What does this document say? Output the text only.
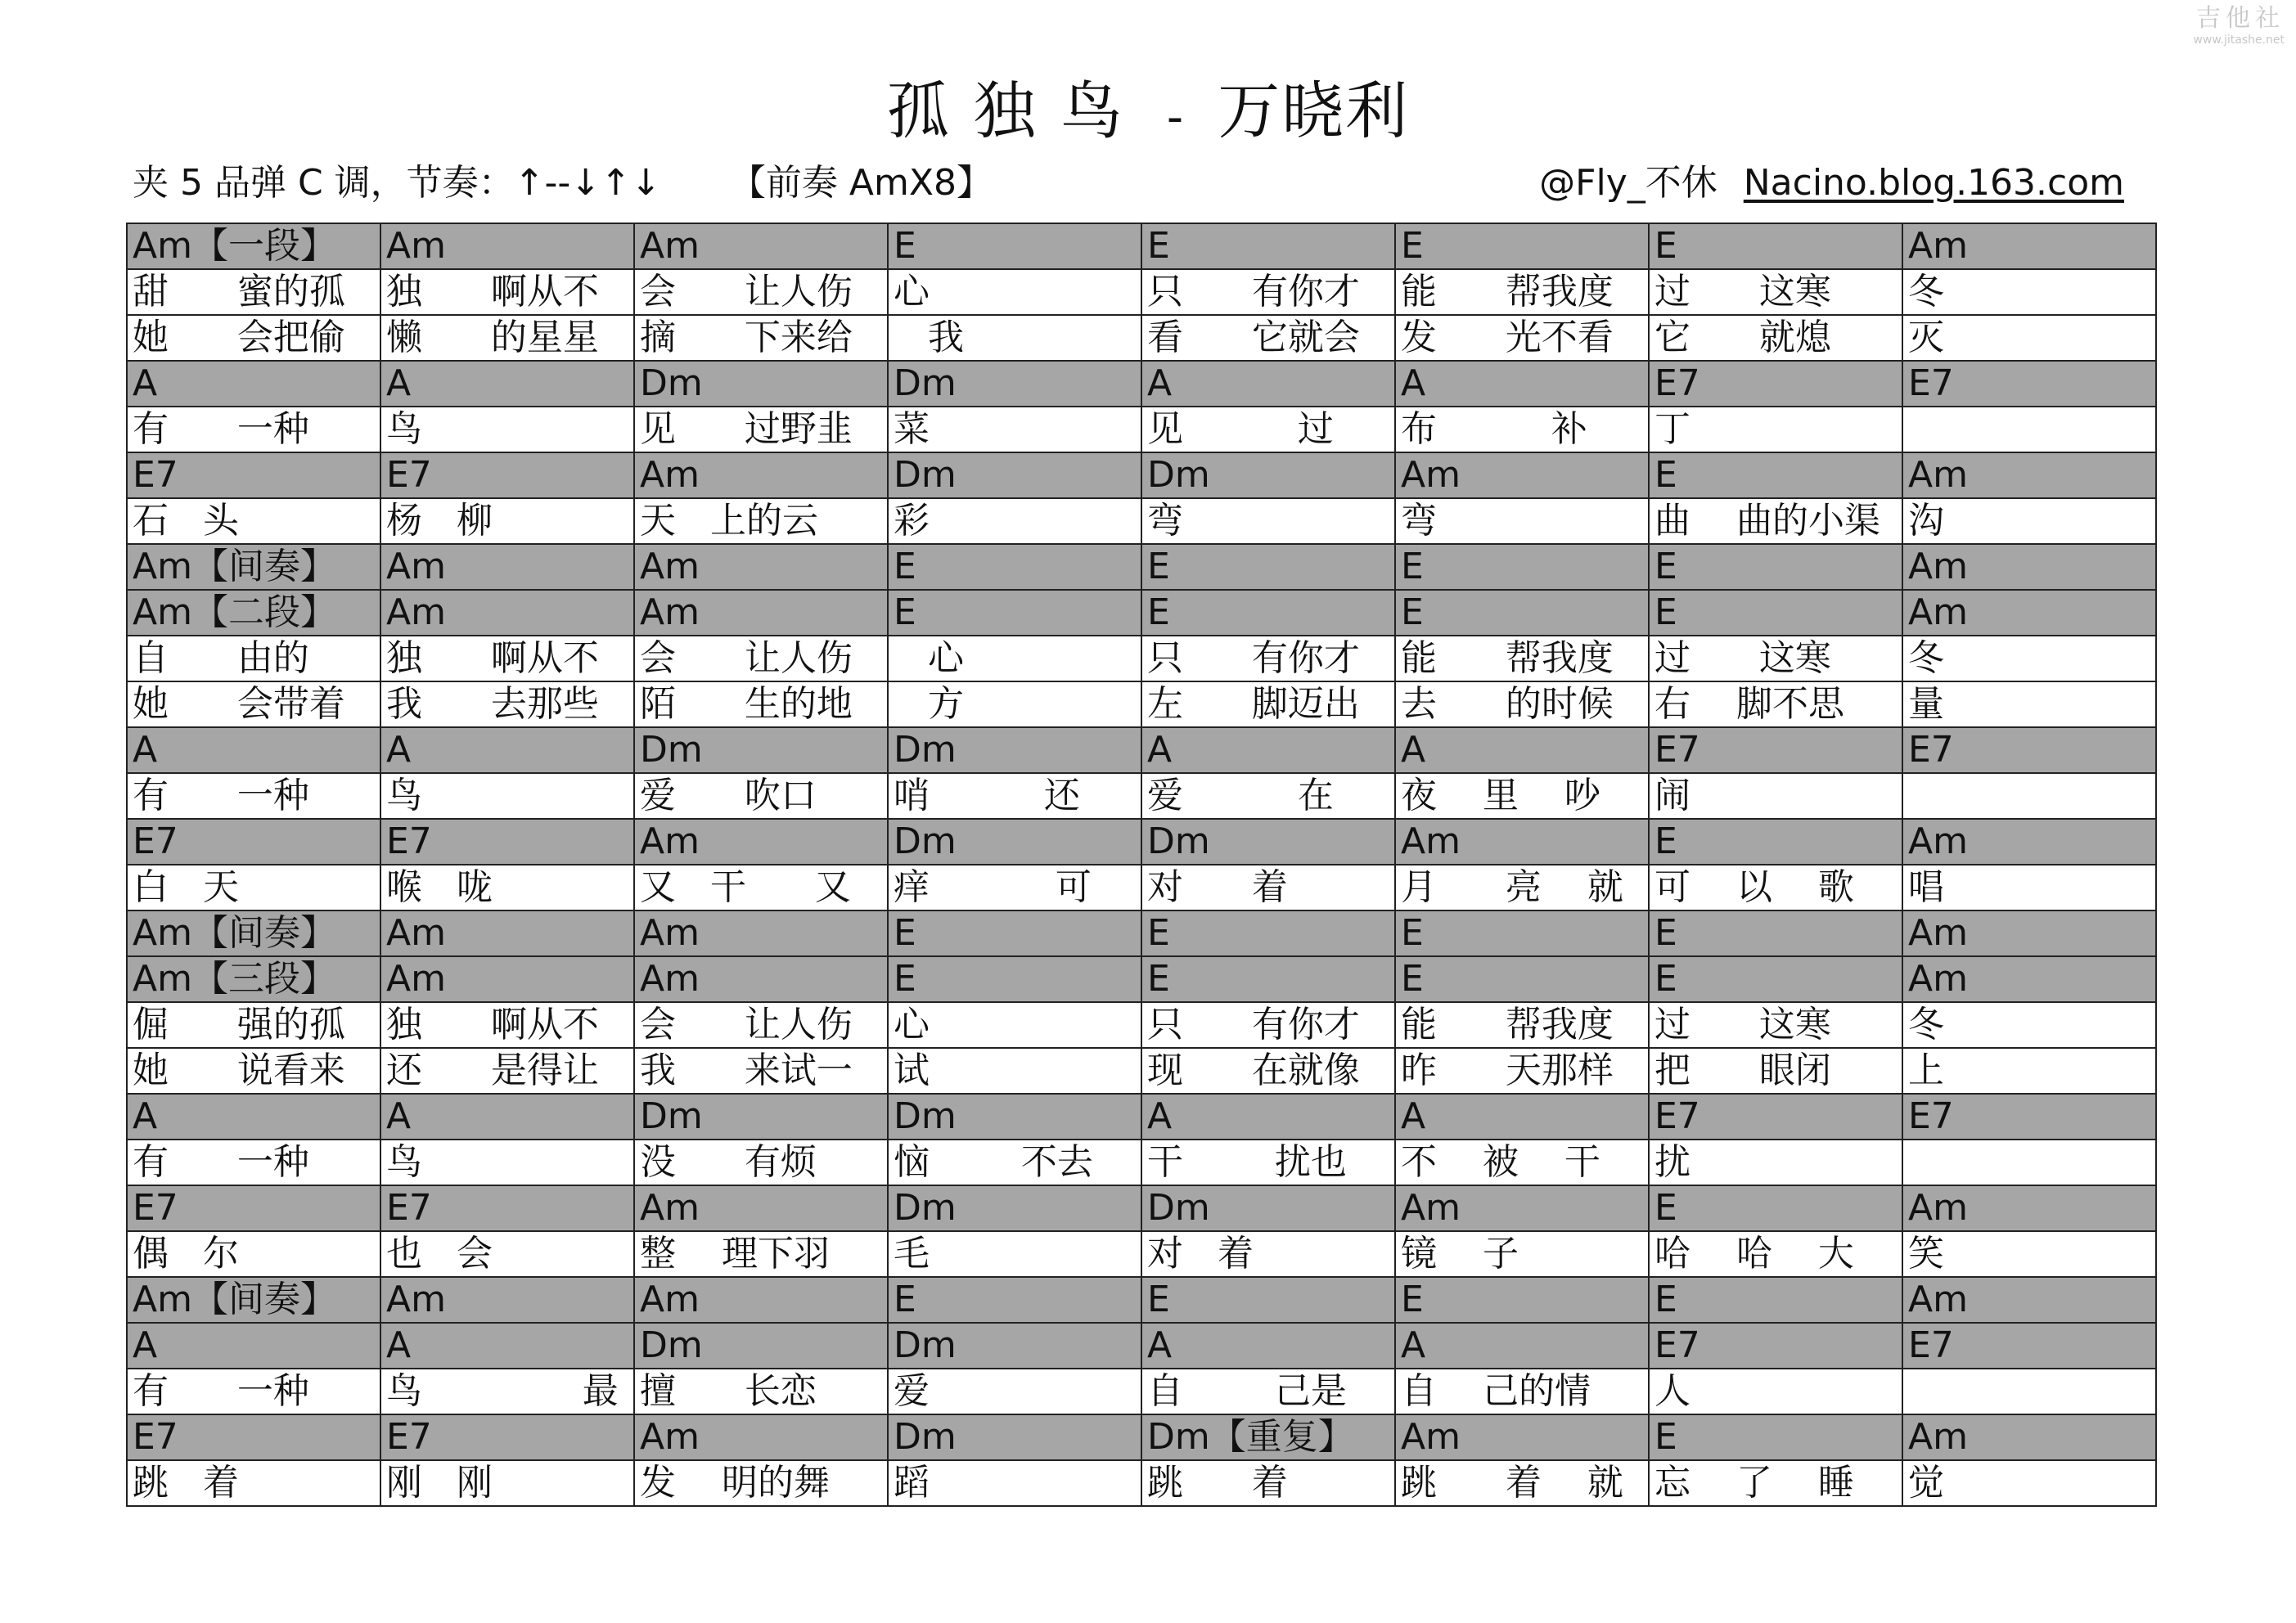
吉他社
www.jitashe.net
孤独鸟 - 万晓利
夹 5 品弹 C 调，节奏：↑--↓↑↓ 【前奏 AmX8】	@Fly_不休 Nacino.blog.163.com
Am【一段】	Am	Am	E	E	E	E	Am
甜      蜜的孤	独      啊从不	会      让人伤	心	只      有你才	能      帮我度	过      这寒	冬
她      会把偷	懒      的星星	摘      下来给	我	看      它就会	发      光不看	它      就熄	灭
A	A	Dm	Dm	A	A	E7	E7
有      一种	鸟	见      过野韭	菜	见          过	布          补	丁	
E7	E7	Am	Dm	Dm	Am	E	Am
石   头	杨   柳	天   上的云	彩	弯	弯	曲    曲的小渠	沟
Am【间奏】	Am	Am	E	E	E	E	Am
Am【二段】	Am	Am	E	E	E	E	Am
自      由的	独      啊从不	会      让人伤	心	只      有你才	能      帮我度	过      这寒	冬
她      会带着	我      去那些	陌      生的地	方	左      脚迈出	去      的时候	右    脚不思	量
A	A	Dm	Dm	A	A	E7	E7
有      一种	鸟	爱      吹口	哨          还	爱          在	夜    里    吵	闹	
E7	E7	Am	Dm	Dm	Am	E	Am
白   天	喉   咙	又   干      又	痒           可	对      着	月      亮    就	可    以    歌	唱
Am【间奏】	Am	Am	E	E	E	E	Am
Am【三段】	Am	Am	E	E	E	E	Am
倔      强的孤	独      啊从不	会      让人伤	心	只      有你才	能      帮我度	过      这寒	冬
她      说看来	还      是得让	我      来试一	试	现      在就像	昨      天那样	把      眼闭	上
A	A	Dm	Dm	A	A	E7	E7
有      一种	鸟	没      有烦	恼        不去	干        扰也	不    被    干	扰	
E7	E7	Am	Dm	Dm	Am	E	Am
偶   尔	也   会	整    理下羽	毛	对   着	镜    子	哈    哈    大	笑
Am【间奏】	Am	Am	E	E	E	E	Am
A	A	Dm	Dm	A	A	E7	E7
有      一种	鸟              最	擅      长恋	爱	自        己是	自    己的情	人	
E7	E7	Am	Dm	Dm【重复】	Am	E	Am
跳   着	刚   刚	发    明的舞	蹈	跳      着	跳      着    就	忘    了    睡	觉
